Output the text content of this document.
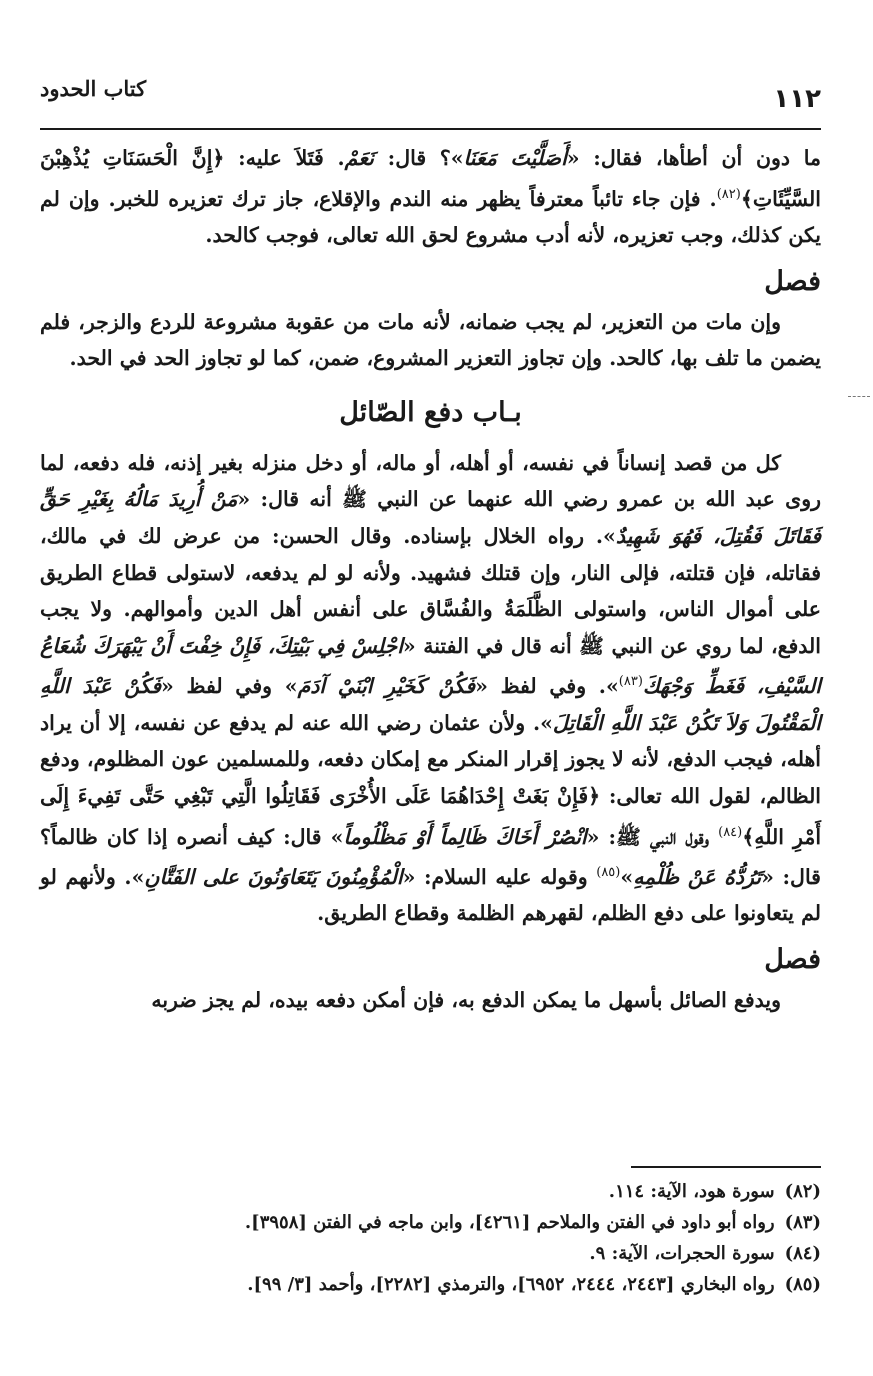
١١٢
كتاب الحدود

ما دون أن أطأها، فقال: «أَصَلَّيْتَ مَعَنَا»؟ قال: نَعَمْ. فَتَلاَ عليه: ﴿إِنَّ الْحَسَنَاتِ يُذْهِبْنَ السَّيِّئَاتِ﴾$^{(٨٢)}$. فإن جاء تائباً معترفاً يظهر منه الندم والإقلاع، جاز ترك تعزيره للخبر. وإن لم يكن كذلك، وجب تعزيره، لأنه أدب مشروع لحق الله تعالى، فوجب كالحد.

فصل

وإن مات من التعزير، لم يجب ضمانه، لأنه مات من عقوبة مشروعة للردع والزجر، فلم يضمن ما تلف بها، كالحد. وإن تجاوز التعزير المشروع، ضمن، كما لو تجاوز الحد في الحد.

بـاب دفع الصّائل

كل من قصد إنساناً في نفسه، أو أهله، أو ماله، أو دخل منزله بغير إذنه، فله دفعه، لما روى عبد الله بن عمرو رضي الله عنهما عن النبي ﷺ أنه قال: «مَنْ أُرِيدَ مَالُهُ بِغَيْرِ حَقٍّ فَقَاتَلَ فَقُتِلَ، فَهُوَ شَهِيدٌ». رواه الخلال بإسناده. وقال الحسن: من عرض لك في مالك، فقاتله، فإن قتلته، فإلى النار، وإن قتلك فشهيد. ولأنه لو لم يدفعه، لاستولى قطاع الطريق على أموال الناس، واستولى الظَّلَمَةُ والفُسَّاق على أنفس أهل الدين وأموالهم. ولا يجب الدفع، لما روي عن النبي ﷺ أنه قال في الفتنة «اجْلِسْ فِي بَيْتِكَ، فَإِنْ خِفْتَ أَنْ يَبْهَرَكَ شُعَاعُ السَّيْفِ، فَغَطِّ وَجْهَكَ$^{(٨٣)}$». وفي لفظ «فَكُنْ كَخَيْرِ ابْنَيْ آدَمَ» وفي لفظ «فَكُنْ عَبْدَ اللَّهِ الْمَقْتُولَ وَلاَ تَكُنْ عَبْدَ اللَّهِ الْقَاتِلَ». ولأن عثمان رضي الله عنه لم يدفع عن نفسه، إلا أن يراد أهله، فيجب الدفع، لأنه لا يجوز إقرار المنكر مع إمكان دفعه، وللمسلمين عون المظلوم، ودفع الظالم، لقول الله تعالى: ﴿فَإِنْ بَغَتْ إِحْدَاهُمَا عَلَى الأُخْرَى فَقَاتِلُوا الَّتِي تَبْغِي حَتَّى تَفِيءَ إِلَى أَمْرِ اللَّهِ﴾$^{(٨٤)}$ وقول النبي ﷺ: «انْصُرْ أَخَاكَ ظَالِماً أَوْ مَظْلُوماً» قال: كيف أنصره إذا كان ظالماً؟ قال: «تَرُدُّهُ عَنْ ظُلْمِهِ»$^{(٨٥)}$ وقوله عليه السلام: «الْمُؤْمِنُونَ يَتَعَاوَنُونَ على الفَتَّانِ». ولأنهم لو لم يتعاونوا على دفع الظلم، لقهرهم الظلمة وقطاع الطريق.

فصل

ويدفع الصائل بأسهل ما يمكن الدفع به، فإن أمكن دفعه بيده، لم يجز ضربه

(٨٢)سورة هود، الآية: ١١٤.
(٨٣)رواه أبو داود في الفتن والملاحم [٤٢٦١]، وابن ماجه في الفتن [٣٩٥٨].
(٨٤)سورة الحجرات، الآية: ٩.
(٨٥)رواه البخاري [٢٤٤٣، ٢٤٤٤، ٦٩٥٢]، والترمذي [٢٢٨٢]، وأحمد [٣/ ٩٩].
